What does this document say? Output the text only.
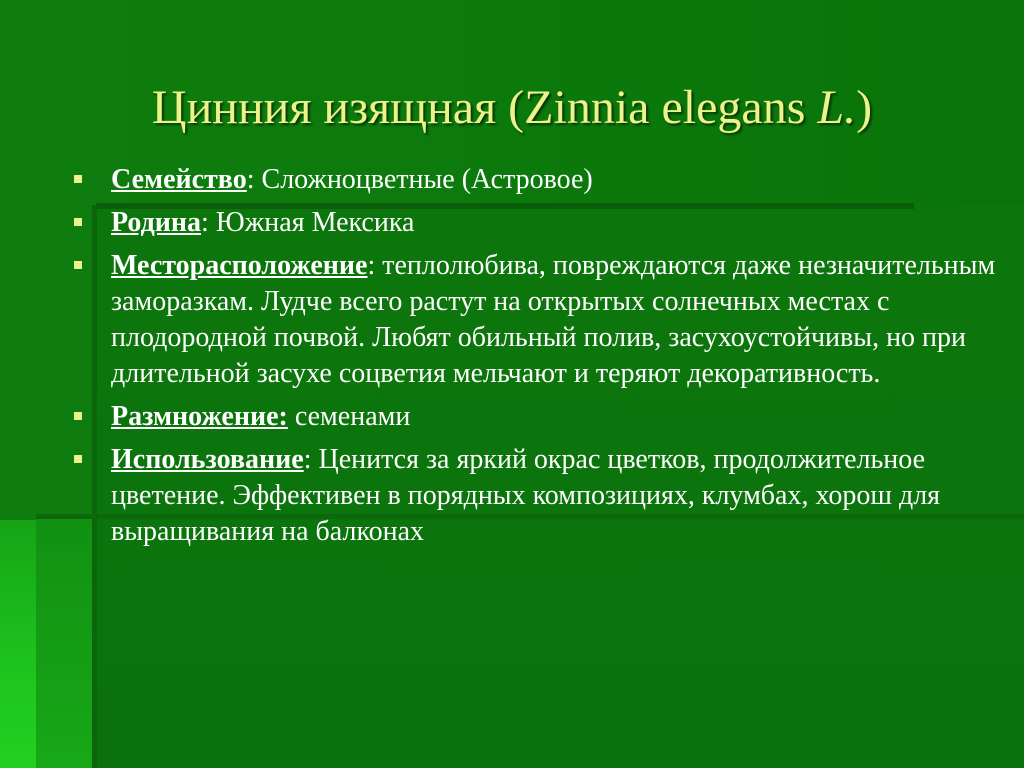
Цинния изящная (Zinnia elegans L.)
Семейство: Сложноцветные (Астровое)
Родина: Южная Мексика
Месторасположение: теплолюбива, повреждаются даже незначительным заморазкам. Лудче всего растут на открытых солнечных местах с плодородной почвой. Любят обильный полив, засухоустойчивы, но при длительной засухе соцветия мельчают и теряют декоративность.
Размножение: семенами
Использование: Ценится за яркий окрас цветков, продолжительное цветение. Эффективен в порядных композициях, клумбах, хорош для выращивания на балконах
